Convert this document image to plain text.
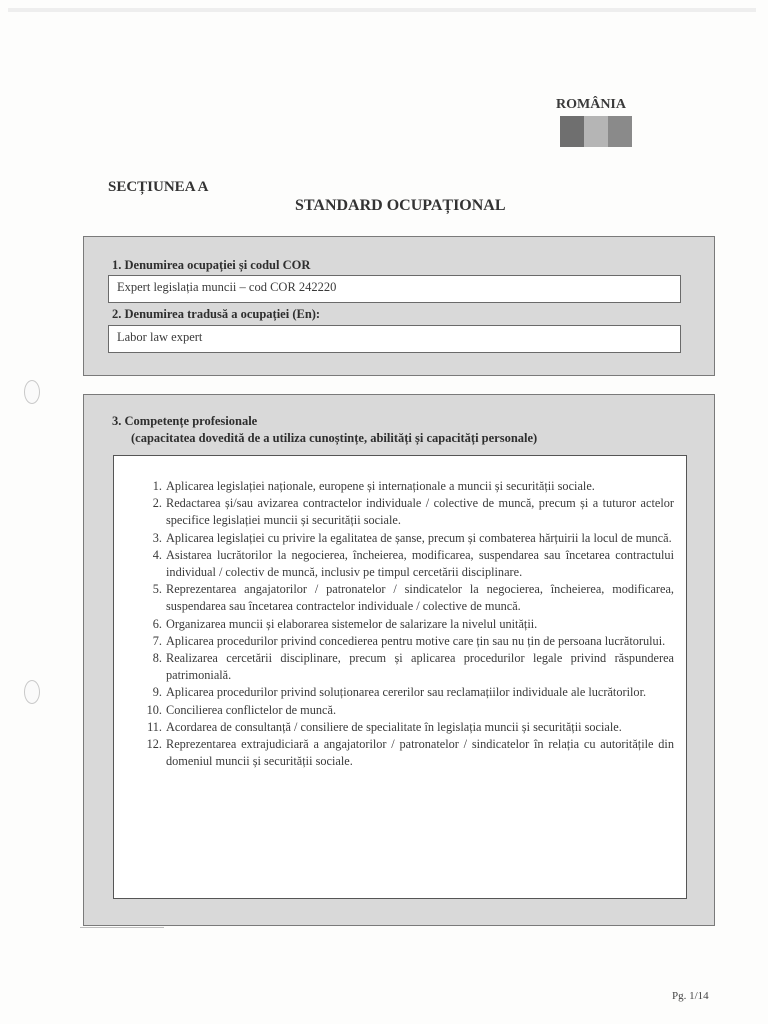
ROMÂNIA
SECȚIUNEA A
STANDARD OCUPAȚIONAL
1. Denumirea ocupației și codul COR
Expert legislația muncii – cod COR 242220
2. Denumirea tradusă a ocupației (En):
Labor law expert
3. Competențe profesionale
(capacitatea dovedită de a utiliza cunoștințe, abilități și capacități personale)
1. Aplicarea legislației naționale, europene și internaționale a muncii și securității sociale.
2. Redactarea și/sau avizarea contractelor individuale / colective de muncă, precum și a tuturor actelor specifice legislației muncii și securității sociale.
3. Aplicarea legislației cu privire la egalitatea de șanse, precum și combaterea hărțuirii la locul de muncă.
4. Asistarea lucrătorilor la negocierea, încheierea, modificarea, suspendarea sau încetarea contractului individual / colectiv de muncă, inclusiv pe timpul cercetării disciplinare.
5. Reprezentarea angajatorilor / patronatelor / sindicatelor la negocierea, încheierea, modificarea, suspendarea sau încetarea contractelor individuale / colective de muncă.
6. Organizarea muncii și elaborarea sistemelor de salarizare la nivelul unității.
7. Aplicarea procedurilor privind concedierea pentru motive care țin sau nu țin de persoana lucrătorului.
8. Realizarea cercetării disciplinare, precum și aplicarea procedurilor legale privind răspunderea patrimonială.
9. Aplicarea procedurilor privind soluționarea cererilor sau reclamațiilor individuale ale lucrătorilor.
10. Concilierea conflictelor de muncă.
11. Acordarea de consultanță / consiliere de specialitate în legislația muncii și securității sociale.
12. Reprezentarea extrajudiciară a angajatorilor / patronatelor / sindicatelor în relația cu autoritățile din domeniul muncii și securității sociale.
Pg. 1/14
